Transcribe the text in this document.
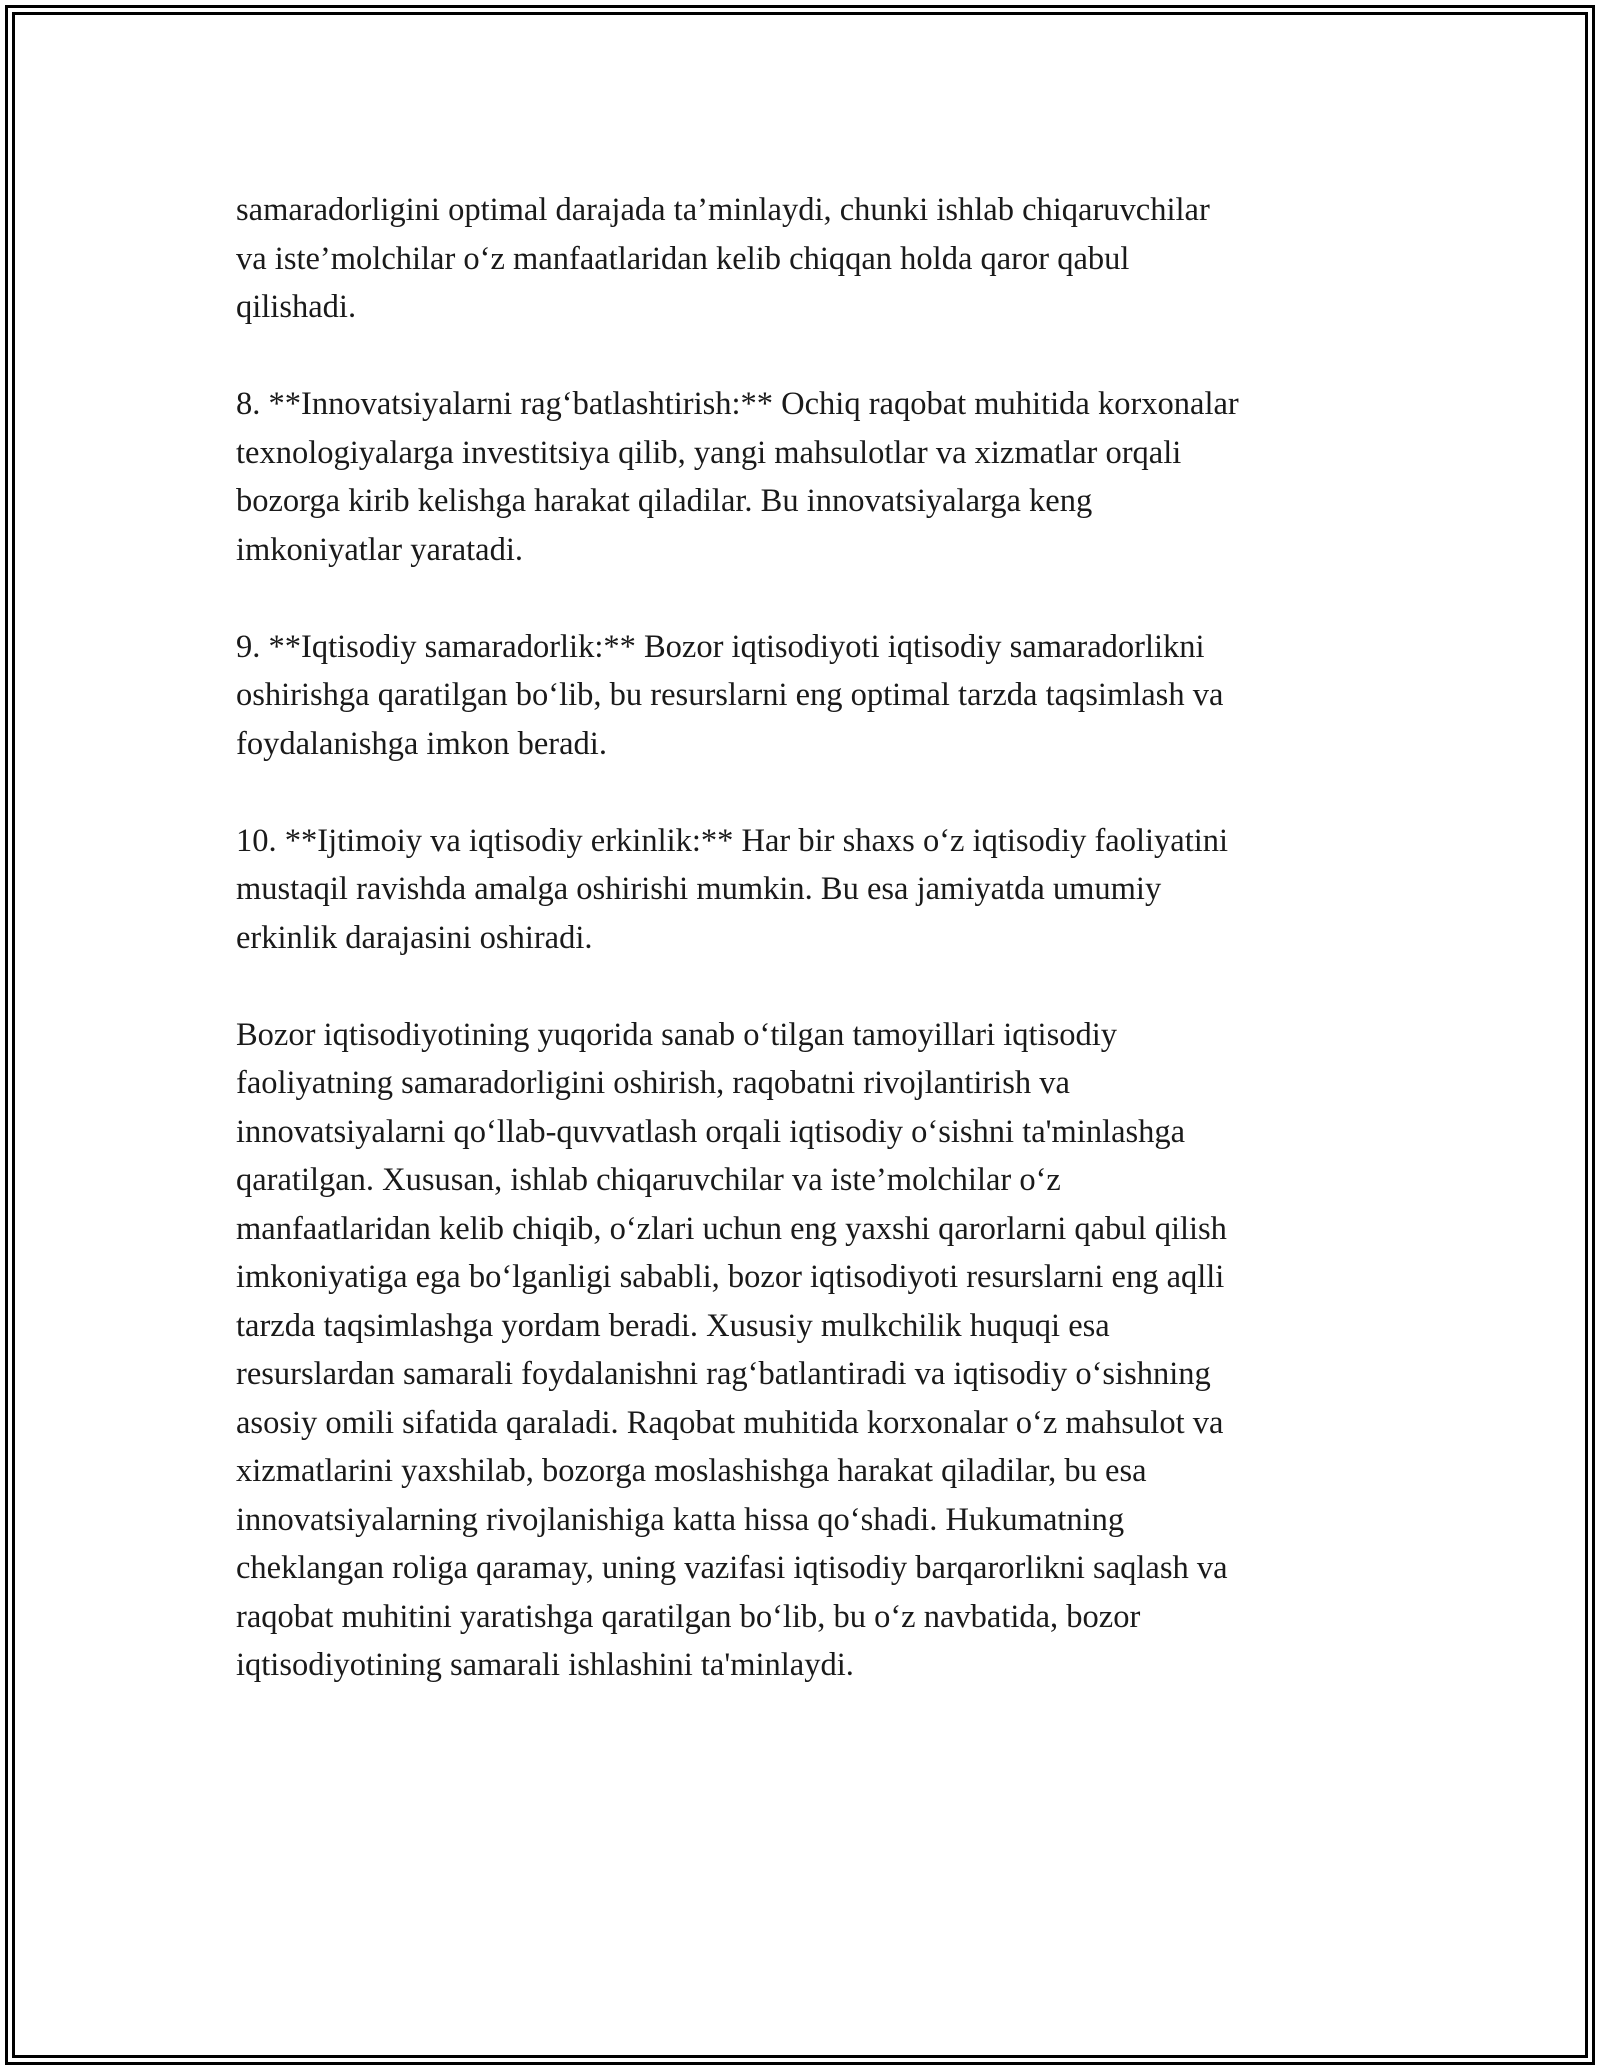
samaradorligini optimal darajada ta’minlaydi, chunki ishlab chiqaruvchilar
va iste’molchilar o‘z manfaatlaridan kelib chiqqan holda qaror qabul
qilishadi.
8. **Innovatsiyalarni rag‘batlashtirish:** Ochiq raqobat muhitida korxonalar
texnologiyalarga investitsiya qilib, yangi mahsulotlar va xizmatlar orqali
bozorga kirib kelishga harakat qiladilar. Bu innovatsiyalarga keng
imkoniyatlar yaratadi.
9. **Iqtisodiy samaradorlik:** Bozor iqtisodiyoti iqtisodiy samaradorlikni
oshirishga qaratilgan bo‘lib, bu resurslarni eng optimal tarzda taqsimlash va
foydalanishga imkon beradi.
10. **Ijtimoiy va iqtisodiy erkinlik:** Har bir shaxs o‘z iqtisodiy faoliyatini
mustaqil ravishda amalga oshirishi mumkin. Bu esa jamiyatda umumiy
erkinlik darajasini oshiradi.
Bozor iqtisodiyotining yuqorida sanab o‘tilgan tamoyillari iqtisodiy
faoliyatning samaradorligini oshirish, raqobatni rivojlantirish va
innovatsiyalarni qo‘llab-quvvatlash orqali iqtisodiy o‘sishni ta'minlashga
qaratilgan. Xususan, ishlab chiqaruvchilar va iste’molchilar o‘z
manfaatlaridan kelib chiqib, o‘zlari uchun eng yaxshi qarorlarni qabul qilish
imkoniyatiga ega bo‘lganligi sababli, bozor iqtisodiyoti resurslarni eng aqlli
tarzda taqsimlashga yordam beradi. Xususiy mulkchilik huquqi esa
resurslardan samarali foydalanishni rag‘batlantiradi va iqtisodiy o‘sishning
asosiy omili sifatida qaraladi. Raqobat muhitida korxonalar o‘z mahsulot va
xizmatlarini yaxshilab, bozorga moslashishga harakat qiladilar, bu esa
innovatsiyalarning rivojlanishiga katta hissa qo‘shadi. Hukumatning
cheklangan roliga qaramay, uning vazifasi iqtisodiy barqarorlikni saqlash va
raqobat muhitini yaratishga qaratilgan bo‘lib, bu o‘z navbatida, bozor
iqtisodiyotining samarali ishlashini ta'minlaydi.
